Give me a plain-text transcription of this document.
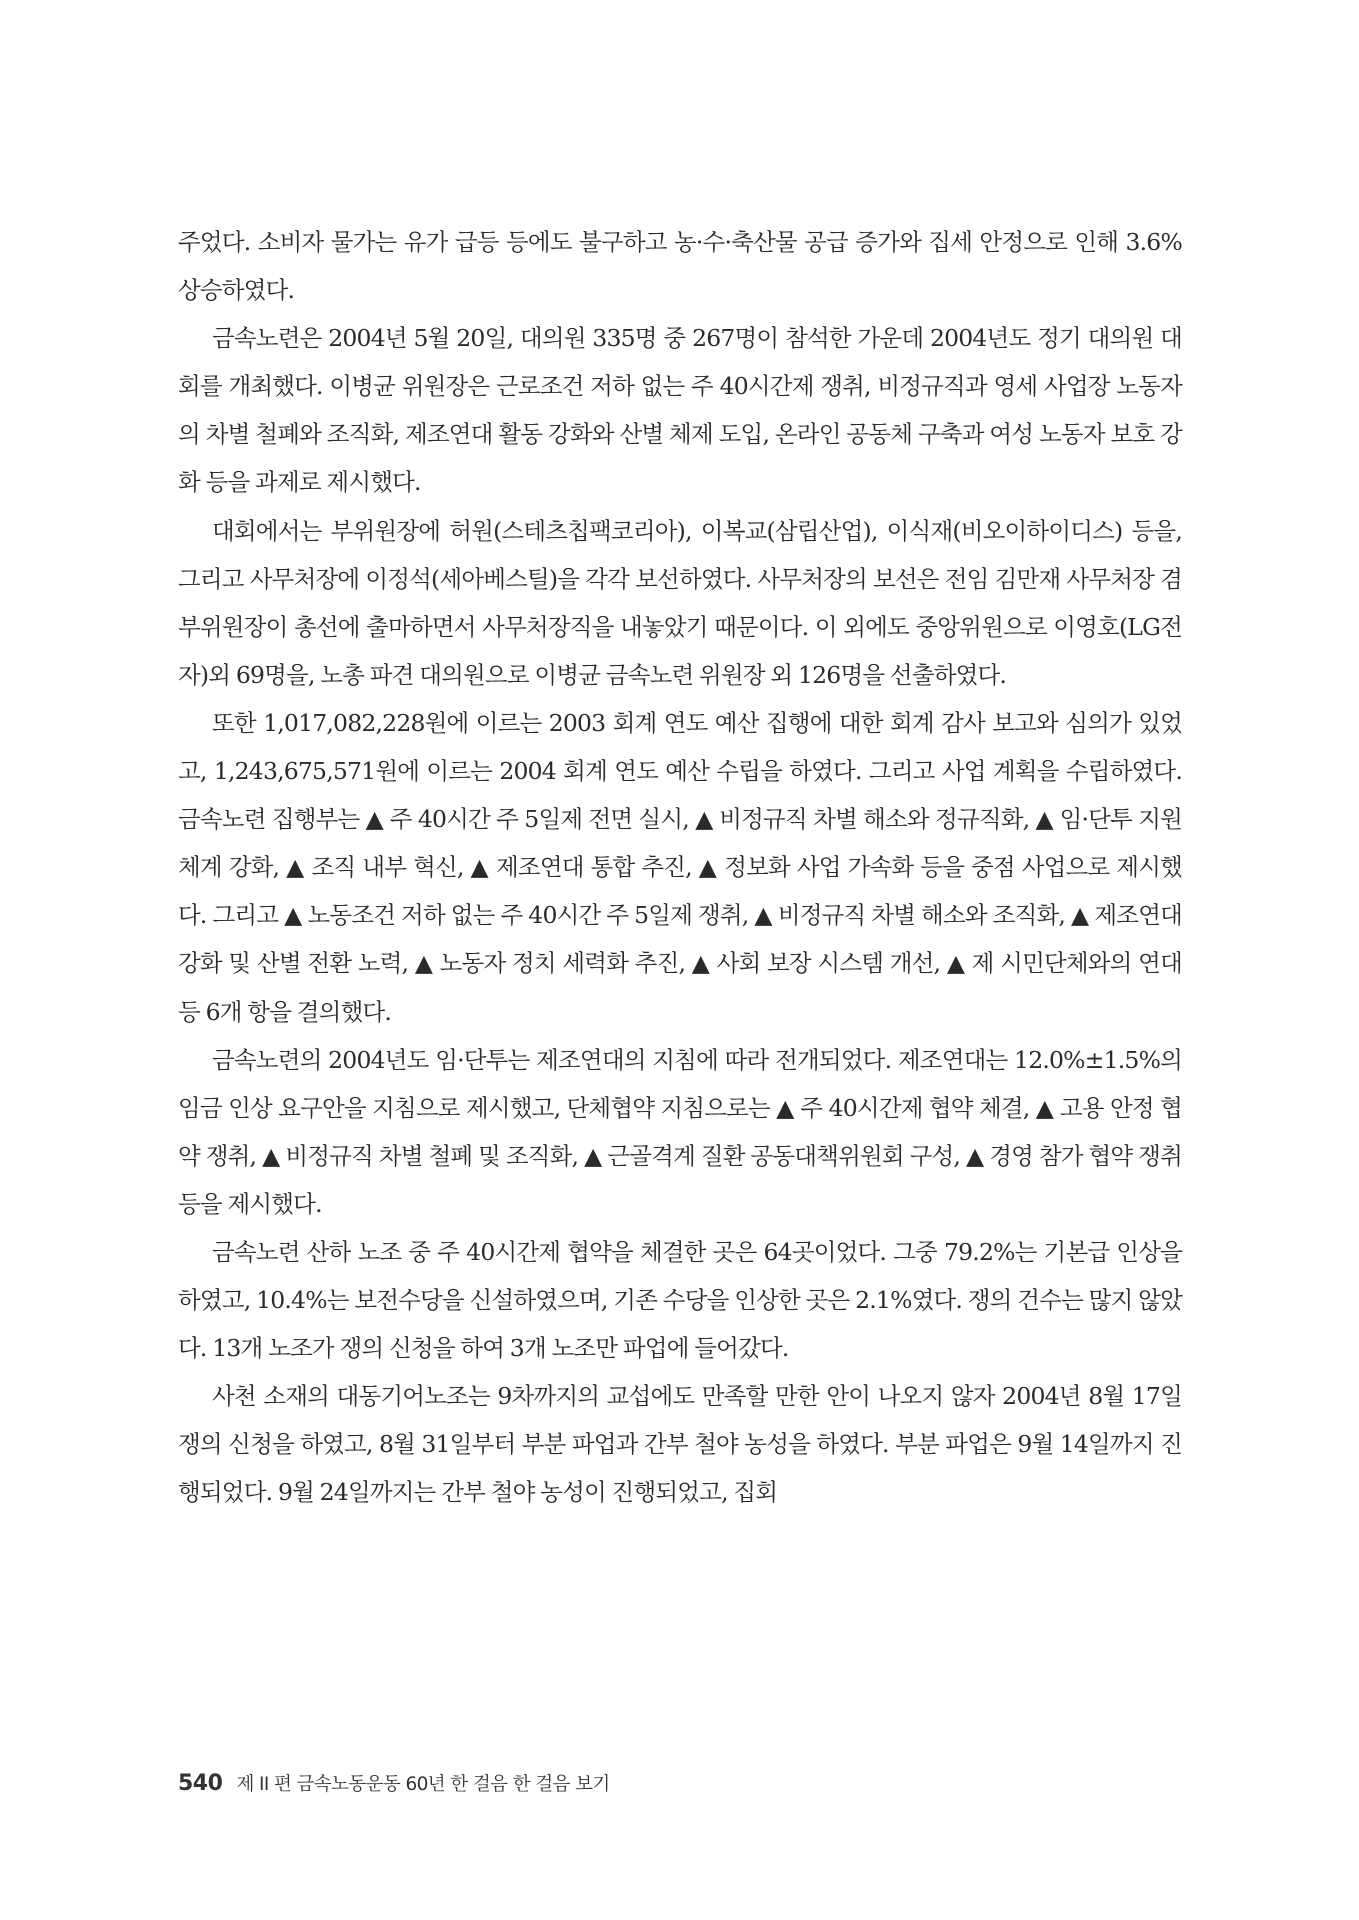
주었다. 소비자 물가는 유가 급등 등에도 불구하고 농·수·축산물 공급 증가와 집세 안정으로 인해 3.6% 상승하였다.

금속노련은 2004년 5월 20일, 대의원 335명 중 267명이 참석한 가운데 2004년도 정기 대의원 대회를 개최했다. 이병균 위원장은 근로조건 저하 없는 주 40시간제 쟁취, 비정규직과 영세 사업장 노동자의 차별 철폐와 조직화, 제조연대 활동 강화와 산별 체제 도입, 온라인 공동체 구축과 여성 노동자 보호 강화 등을 과제로 제시했다.

대회에서는 부위원장에 허원(스테츠칩팩코리아), 이복교(삼립산업), 이식재(비오이하이디스) 등을, 그리고 사무처장에 이정석(세아베스틸)을 각각 보선하였다. 사무처장의 보선은 전임 김만재 사무처장 겸 부위원장이 총선에 출마하면서 사무처장직을 내놓았기 때문이다. 이 외에도 중앙위원으로 이영호(LG전자)외 69명을, 노총 파견 대의원으로 이병균 금속노련 위원장 외 126명을 선출하였다.

또한 1,017,082,228원에 이르는 2003 회계 연도 예산 집행에 대한 회계 감사 보고와 심의가 있었고, 1,243,675,571원에 이르는 2004 회계 연도 예산 수립을 하였다. 그리고 사업 계획을 수립하였다. 금속노련 집행부는 ▲ 주 40시간 주 5일제 전면 실시, ▲ 비정규직 차별 해소와 정규직화, ▲ 임·단투 지원 체계 강화, ▲ 조직 내부 혁신, ▲ 제조연대 통합 추진, ▲ 정보화 사업 가속화 등을 중점 사업으로 제시했다. 그리고 ▲ 노동조건 저하 없는 주 40시간 주 5일제 쟁취, ▲ 비정규직 차별 해소와 조직화, ▲ 제조연대 강화 및 산별 전환 노력, ▲ 노동자 정치 세력화 추진, ▲ 사회 보장 시스템 개선, ▲ 제 시민단체와의 연대 등 6개 항을 결의했다.

금속노련의 2004년도 임·단투는 제조연대의 지침에 따라 전개되었다. 제조연대는 12.0%±1.5%의 임금 인상 요구안을 지침으로 제시했고, 단체협약 지침으로는 ▲ 주 40시간제 협약 체결, ▲ 고용 안정 협약 쟁취, ▲ 비정규직 차별 철폐 및 조직화, ▲ 근골격계 질환 공동대책위원회 구성, ▲ 경영 참가 협약 쟁취 등을 제시했다.

금속노련 산하 노조 중 주 40시간제 협약을 체결한 곳은 64곳이었다. 그중 79.2%는 기본급 인상을 하였고, 10.4%는 보전수당을 신설하였으며, 기존 수당을 인상한 곳은 2.1%였다. 쟁의 건수는 많지 않았다. 13개 노조가 쟁의 신청을 하여 3개 노조만 파업에 들어갔다.

사천 소재의 대동기어노조는 9차까지의 교섭에도 만족할 만한 안이 나오지 않자 2004년 8월 17일 쟁의 신청을 하였고, 8월 31일부터 부분 파업과 간부 철야 농성을 하였다. 부분 파업은 9월 14일까지 진행되었다. 9월 24일까지는 간부 철야 농성이 진행되었고, 집회

540 제 II 편 금속노동운동 60년 한 걸음 한 걸음 보기
